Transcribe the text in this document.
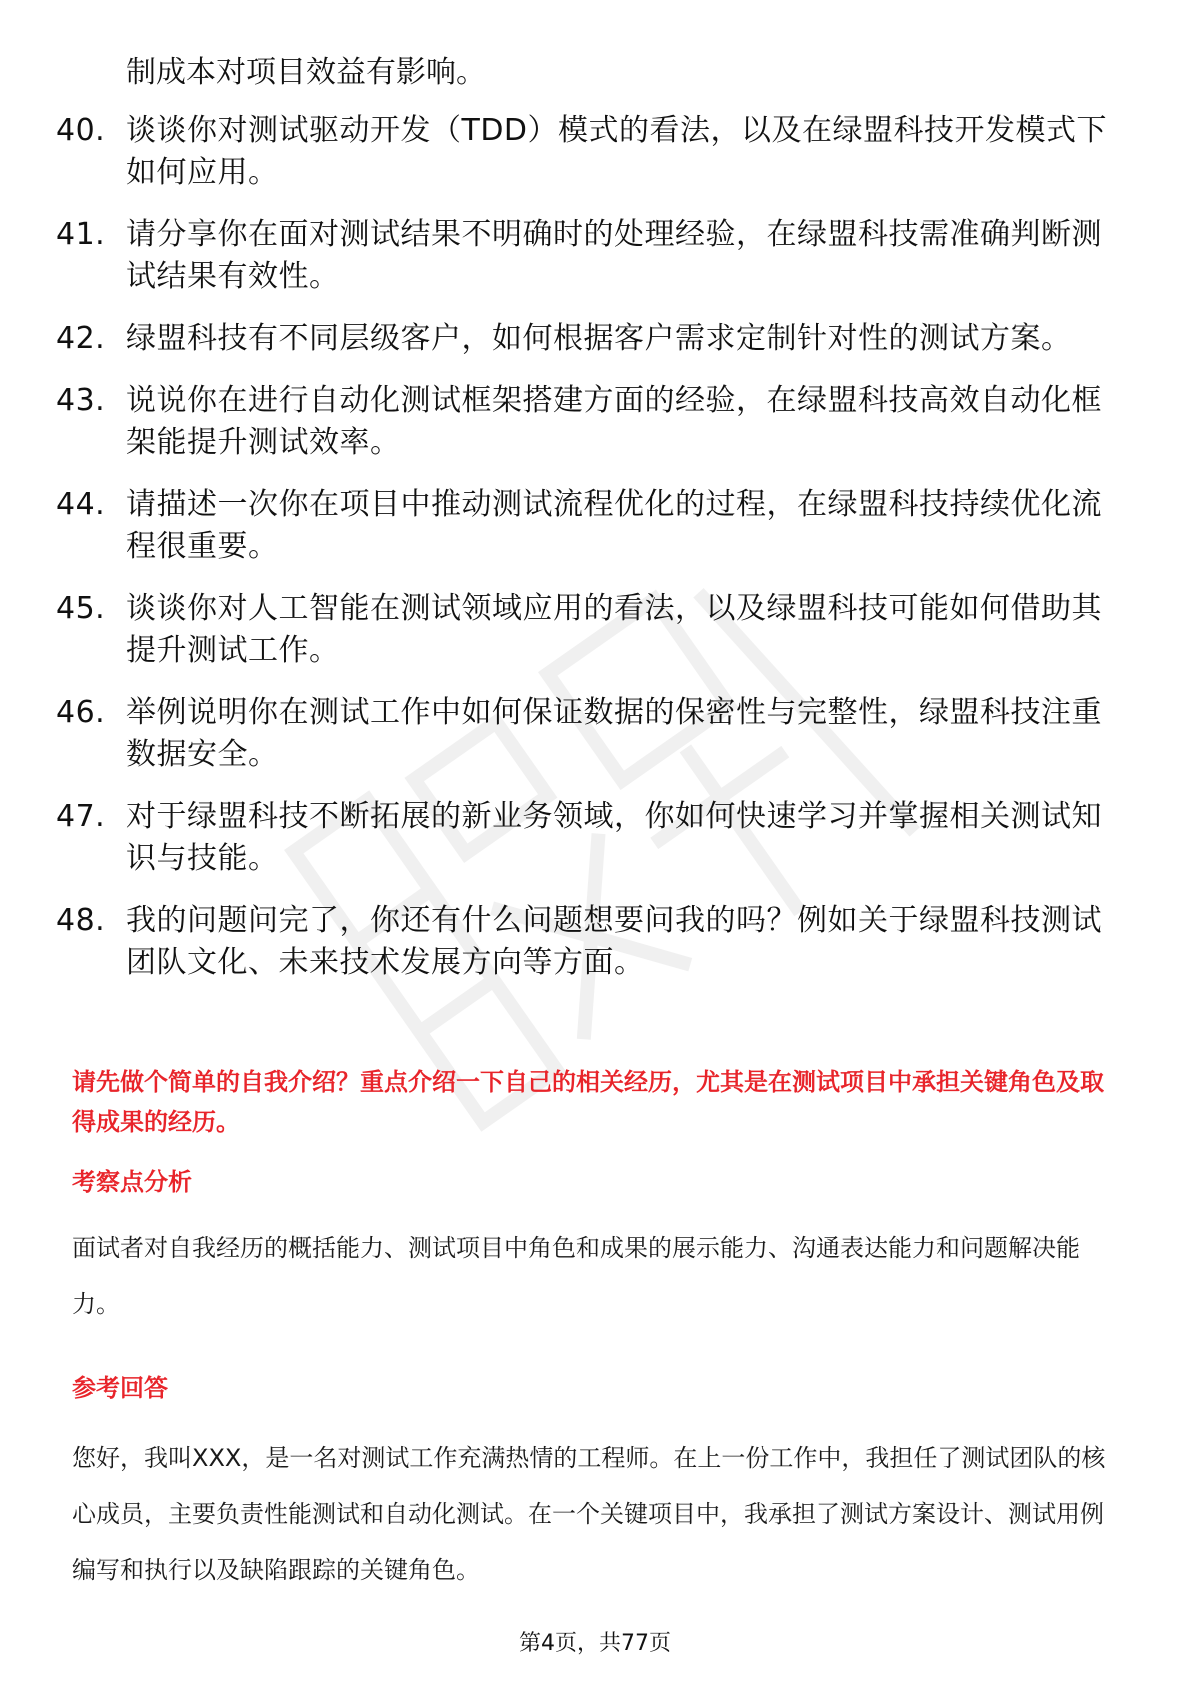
制成本对项目效益有影响。
40. 谈谈你对测试驱动开发（TDD）模式的看法，以及在绿盟科技开发模式下如何应用。
41. 请分享你在面对测试结果不明确时的处理经验，在绿盟科技需准确判断测试结果有效性。
42. 绿盟科技有不同层级客户，如何根据客户需求定制针对性的测试方案。
43. 说说你在进行自动化测试框架搭建方面的经验，在绿盟科技高效自动化框架能提升测试效率。
44. 请描述一次你在项目中推动测试流程优化的过程，在绿盟科技持续优化流程很重要。
45. 谈谈你对人工智能在测试领域应用的看法，以及绿盟科技可能如何借助其提升测试工作。
46. 举例说明你在测试工作中如何保证数据的保密性与完整性，绿盟科技注重数据安全。
47. 对于绿盟科技不断拓展的新业务领域，你如何快速学习并掌握相关测试知识与技能。
48. 我的问题问完了，你还有什么问题想要问我的吗？例如关于绿盟科技测试团队文化、未来技术发展方向等方面。
请先做个简单的自我介绍？重点介绍一下自己的相关经历，尤其是在测试项目中承担关键角色及取得成果的经历。
考察点分析
面试者对自我经历的概括能力、测试项目中角色和成果的展示能力、沟通表达能力和问题解决能力。
参考回答
您好，我叫XXX，是一名对测试工作充满热情的工程师。在上一份工作中，我担任了测试团队的核心成员，主要负责性能测试和自动化测试。在一个关键项目中，我承担了测试方案设计、测试用例编写和执行以及缺陷跟踪的关键角色。
第4页，共77页
